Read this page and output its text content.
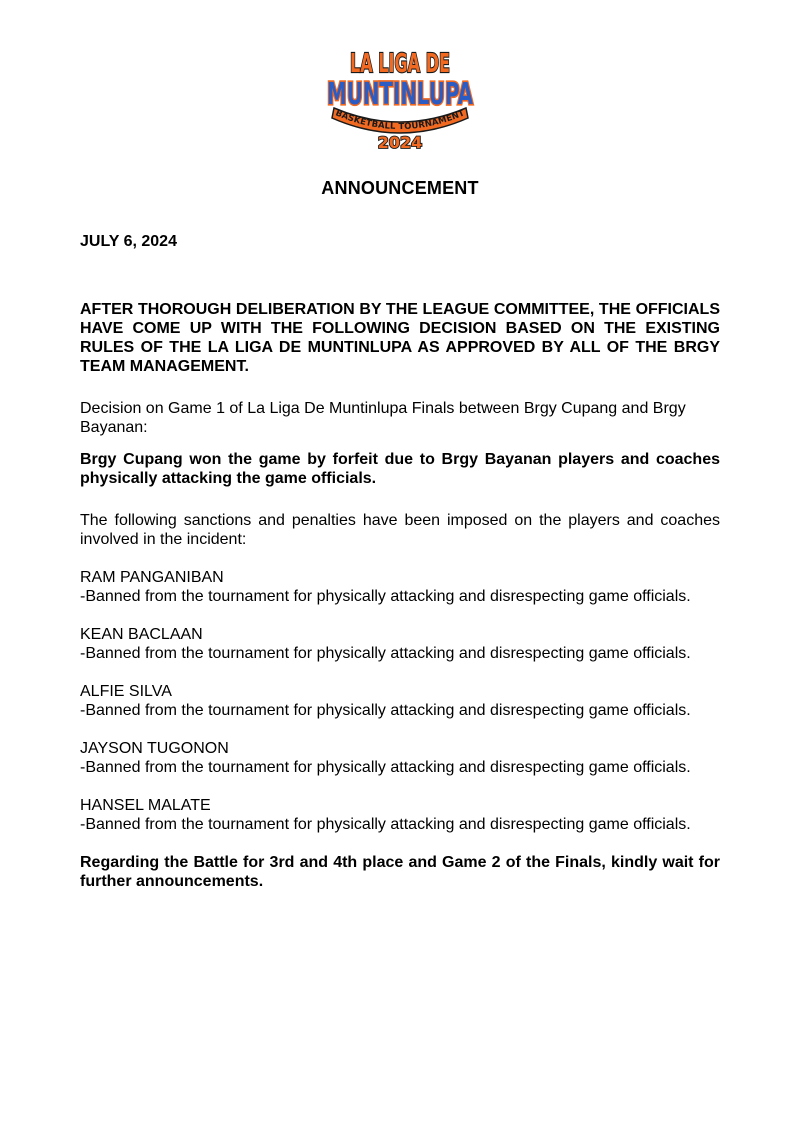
LA LIGA DE
MUNTINLUPA
BASKETBALL TOURNAMENT
2024
ANNOUNCEMENT

JULY 6, 2024

AFTER THOROUGH DELIBERATION BY THE LEAGUE COMMITTEE, THE OFFICIALS HAVE COME UP WITH THE FOLLOWING DECISION BASED ON THE EXISTING RULES OF THE LA LIGA DE MUNTINLUPA AS APPROVED BY ALL OF THE BRGY TEAM MANAGEMENT.

Decision on Game 1 of La Liga De Muntinlupa Finals between Brgy Cupang and Brgy Bayanan:

Brgy Cupang won the game by forfeit due to Brgy Bayanan players and coaches physically attacking the game officials.

The following sanctions and penalties have been imposed on the players and coaches involved in the incident:

RAM PANGANIBAN
-Banned from the tournament for physically attacking and disrespecting game officials.
KEAN BACLAAN
-Banned from the tournament for physically attacking and disrespecting game officials.
ALFIE SILVA
-Banned from the tournament for physically attacking and disrespecting game officials.
JAYSON TUGONON
-Banned from the tournament for physically attacking and disrespecting game officials.
HANSEL MALATE
-Banned from the tournament for physically attacking and disrespecting game officials.

Regarding the Battle for 3rd and 4th place and Game 2 of the Finals, kindly wait for further announcements.
